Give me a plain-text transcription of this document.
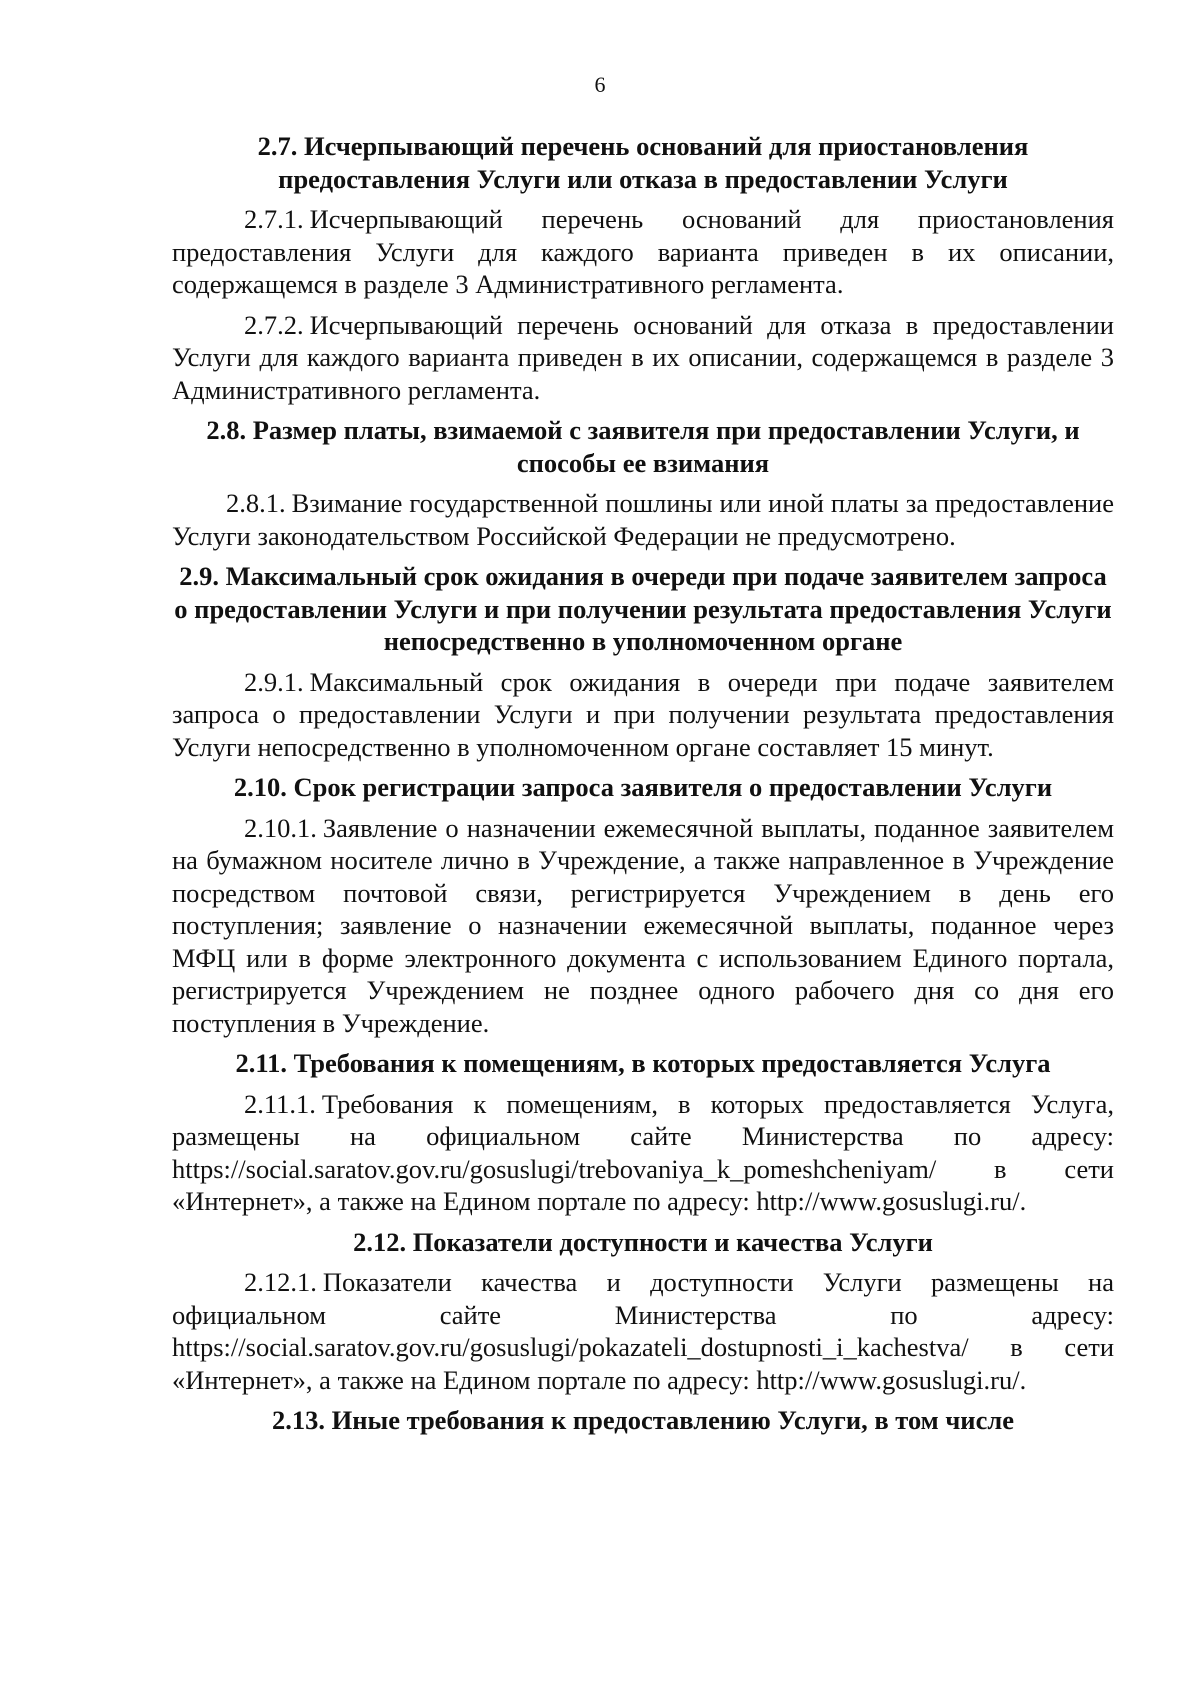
6
2.7. Исчерпывающий перечень оснований для приостановления предоставления Услуги или отказа в предоставлении Услуги

2.7.1. Исчерпывающий перечень оснований для приостановления предоставления Услуги для каждого варианта приведен в их описании, содержащемся в разделе 3 Административного регламента.

2.7.2. Исчерпывающий перечень оснований для отказа в предоставлении Услуги для каждого варианта приведен в их описании, содержащемся в разделе 3 Административного регламента.

2.8. Размер платы, взимаемой с заявителя при предоставлении Услуги, и способы ее взимания

2.8.1. Взимание государственной пошлины или иной платы за предоставление Услуги законодательством Российской Федерации не предусмотрено.

2.9. Максимальный срок ожидания в очереди при подаче заявителем запроса о предоставлении Услуги и при получении результата предоставления Услуги непосредственно в уполномоченном органе

2.9.1. Максимальный срок ожидания в очереди при подаче заявителем запроса о предоставлении Услуги и при получении результата предоставления Услуги непосредственно в уполномоченном органе составляет 15 минут.

2.10. Срок регистрации запроса заявителя о предоставлении Услуги

2.10.1. Заявление о назначении ежемесячной выплаты, поданное заявителем на бумажном носителе лично в Учреждение, а также направленное в Учреждение посредством почтовой связи, регистрируется Учреждением в день его поступления; заявление о назначении ежемесячной выплаты, поданное через МФЦ или в форме электронного документа с использованием Единого портала, регистрируется Учреждением не позднее одного рабочего дня со дня его поступления в Учреждение.

2.11. Требования к помещениям, в которых предоставляется Услуга

2.11.1. Требования к помещениям, в которых предоставляется Услуга, размещены на официальном сайте Министерства по адресу: https://social.saratov.gov.ru/gosuslugi/trebovaniya_k_pomeshcheniyam/ в сети «Интернет», а также на Едином портале по адресу: http://www.gosuslugi.ru/.

2.12. Показатели доступности и качества Услуги

2.12.1. Показатели качества и доступности Услуги размещены на официальном сайте Министерства по адресу: https://social.saratov.gov.ru/gosuslugi/pokazateli_dostupnosti_i_kachestva/ в сети «Интернет», а также на Едином портале по адресу: http://www.gosuslugi.ru/.

2.13. Иные требования к предоставлению Услуги, в том числе
